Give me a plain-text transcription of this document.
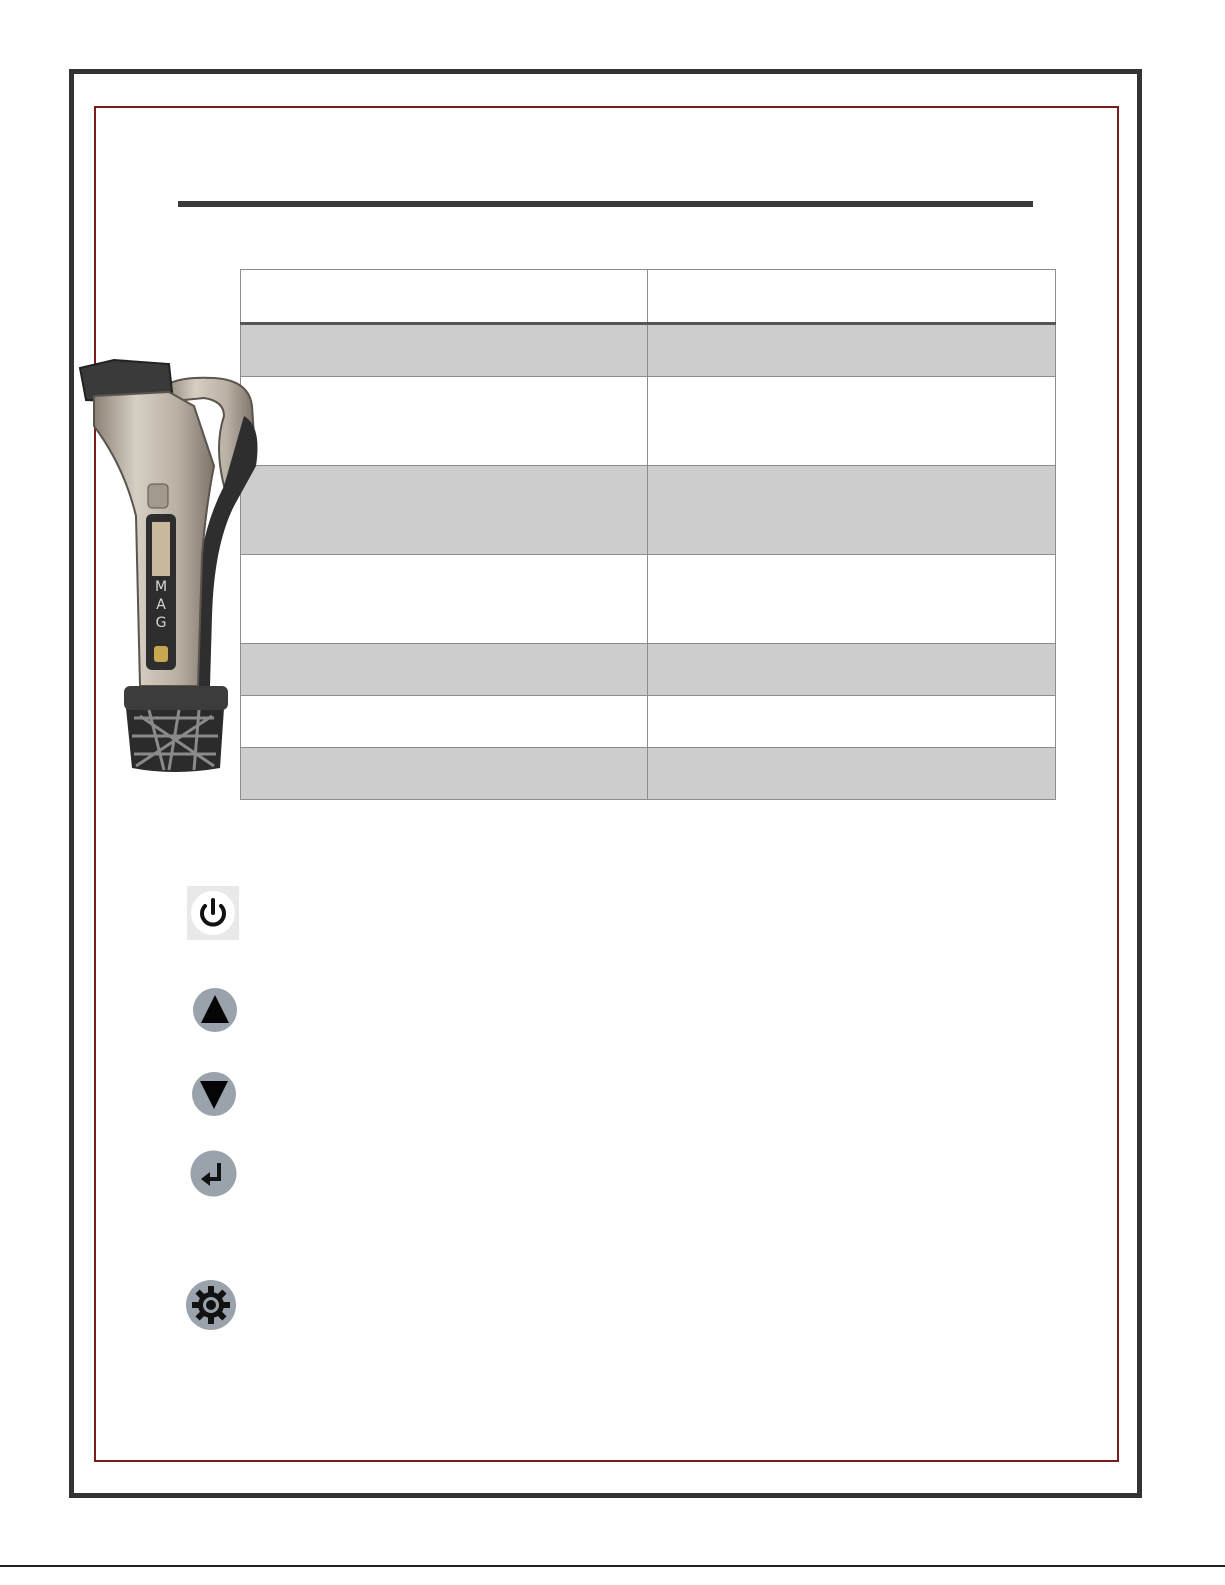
M
A
G
